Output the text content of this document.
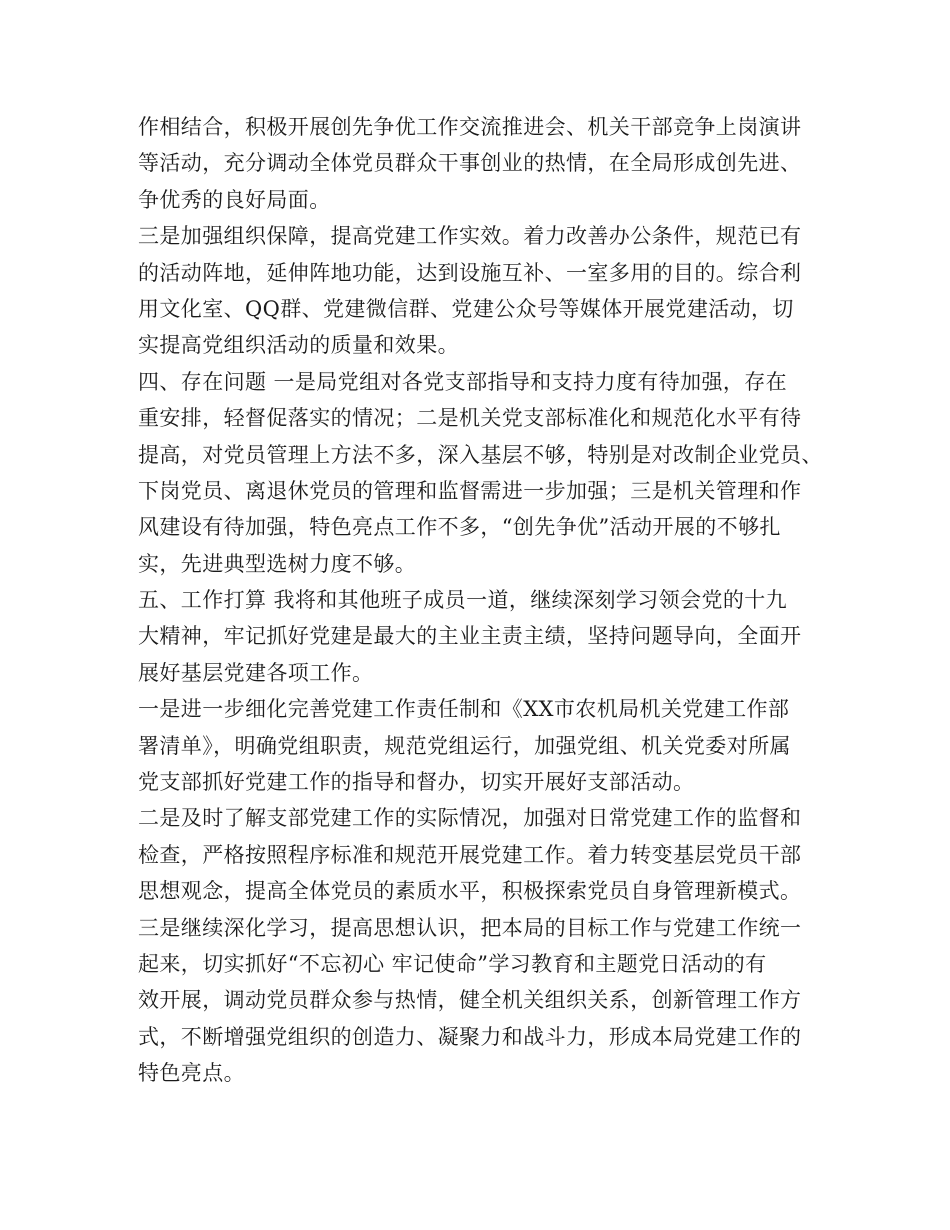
作相结合，积极开展创先争优工作交流推进会、机关干部竞争上岗演讲
等活动，充分调动全体党员群众干事创业的热情，在全局形成创先进、
争优秀的良好局面。
三是加强组织保障，提高党建工作实效。着力改善办公条件，规范已有
的活动阵地，延伸阵地功能，达到设施互补、一室多用的目的。综合利
用文化室、QQ群、党建微信群、党建公众号等媒体开展党建活动，切
实提高党组织活动的质量和效果。
四、存在问题 一是局党组对各党支部指导和支持力度有待加强，存在
重安排，轻督促落实的情况；二是机关党支部标准化和规范化水平有待
提高，对党员管理上方法不多，深入基层不够，特别是对改制企业党员、
下岗党员、离退休党员的管理和监督需进一步加强；三是机关管理和作
风建设有待加强，特色亮点工作不多，“创先争优”活动开展的不够扎
实，先进典型选树力度不够。
五、工作打算 我将和其他班子成员一道，继续深刻学习领会党的十九
大精神，牢记抓好党建是最大的主业主责主绩，坚持问题导向，全面开
展好基层党建各项工作。
一是进一步细化完善党建工作责任制和《XX市农机局机关党建工作部
署清单》，明确党组职责，规范党组运行，加强党组、机关党委对所属
党支部抓好党建工作的指导和督办，切实开展好支部活动。
二是及时了解支部党建工作的实际情况，加强对日常党建工作的监督和
检查，严格按照程序标准和规范开展党建工作。着力转变基层党员干部
思想观念，提高全体党员的素质水平，积极探索党员自身管理新模式。
三是继续深化学习，提高思想认识，把本局的目标工作与党建工作统一
起来，切实抓好“不忘初心 牢记使命”学习教育和主题党日活动的有
效开展，调动党员群众参与热情，健全机关组织关系，创新管理工作方
式，不断增强党组织的创造力、凝聚力和战斗力，形成本局党建工作的
特色亮点。
